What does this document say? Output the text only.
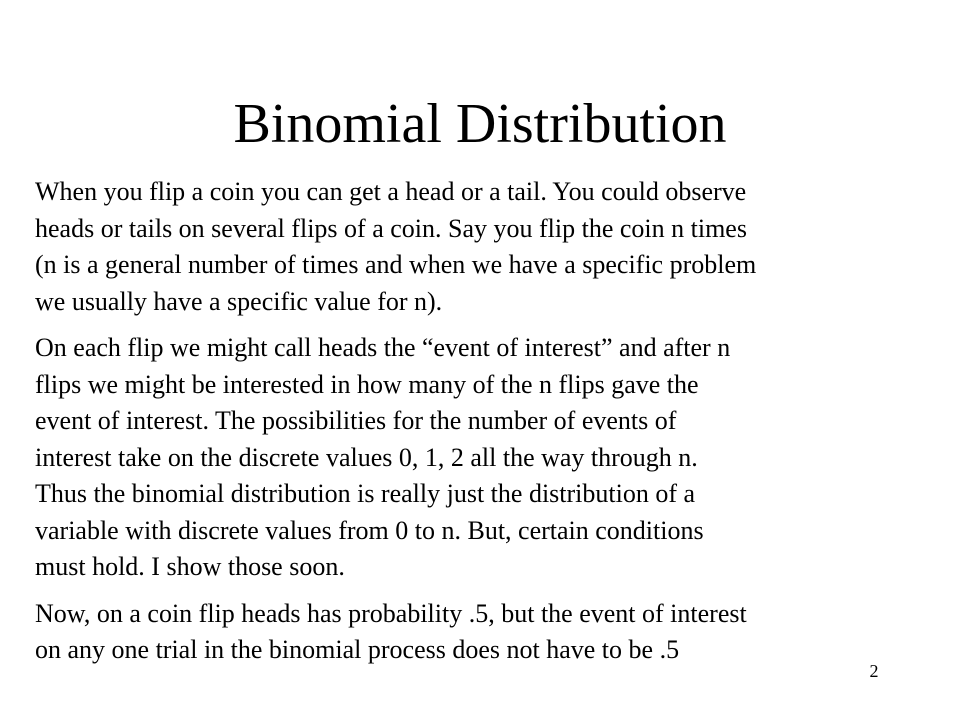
Binomial Distribution
When you flip a coin you can get a head or a tail. You could observe
heads or tails on several flips of a coin. Say you flip the coin n times
(n is a general number of times and when we have a specific problem
we usually have a specific value for n).
On each flip we might call heads the “event of interest” and after n
flips we might be interested in how many of the n flips gave the
event of interest. The possibilities for the number of events of
interest take on the discrete values 0, 1, 2 all the way through n.
Thus the binomial distribution is really just the distribution of a
variable with discrete values from 0 to n. But, certain conditions
must hold. I show those soon.
Now, on a coin flip heads has probability .5, but the event of interest
on any one trial in the binomial process does not have to be .5
2
